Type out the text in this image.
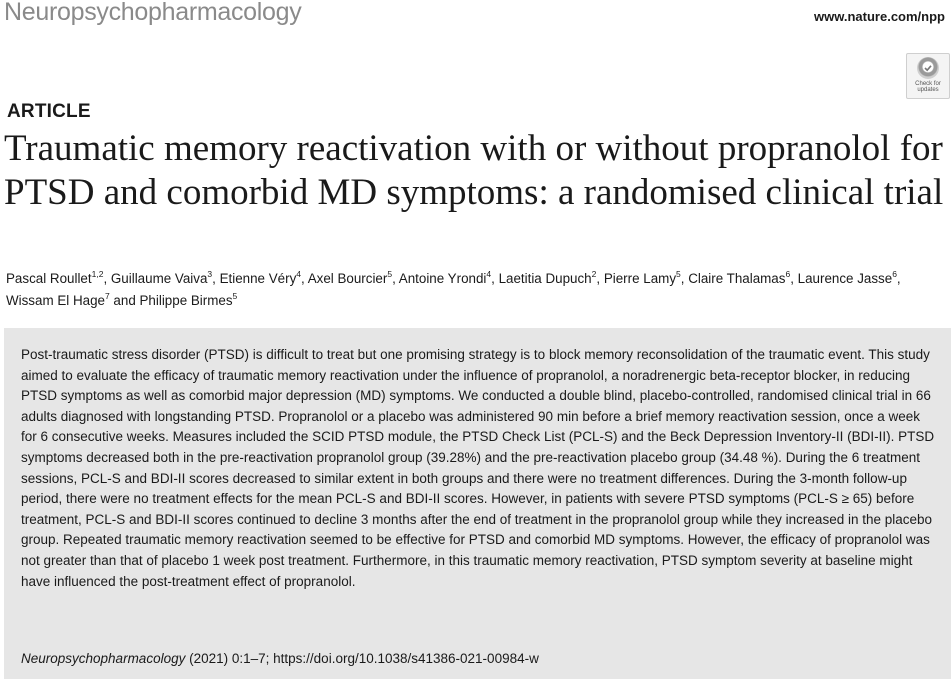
Neuropsychopharmacology	www.nature.com/npp
Check for updates
ARTICLE
Traumatic memory reactivation with or without propranolol for PTSD and comorbid MD symptoms: a randomised clinical trial
Pascal Roullet$^{1,2}$, Guillaume Vaiva$^3$, Etienne Véry$^4$, Axel Bourcier$^5$, Antoine Yrondi$^4$, Laetitia Dupuch$^2$, Pierre Lamy$^5$, Claire Thalamas$^6$, Laurence Jasse$^6$, Wissam El Hage$^7$ and Philippe Birmes$^5$

Post-traumatic stress disorder (PTSD) is difficult to treat but one promising strategy is to block memory reconsolidation of the traumatic event. This study aimed to evaluate the efficacy of traumatic memory reactivation under the influence of propranolol, a noradrenergic beta-receptor blocker, in reducing PTSD symptoms as well as comorbid major depression (MD) symptoms. We conducted a double blind, placebo-controlled, randomised clinical trial in 66 adults diagnosed with longstanding PTSD. Propranolol or a placebo was administered 90 min before a brief memory reactivation session, once a week for 6 consecutive weeks. Measures included the SCID PTSD module, the PTSD Check List (PCL-S) and the Beck Depression Inventory-II (BDI-II). PTSD symptoms decreased both in the pre-reactivation propranolol group (39.28%) and the pre-reactivation placebo group (34.48 %). During the 6 treatment sessions, PCL-S and BDI-II scores decreased to similar extent in both groups and there were no treatment differences. During the 3-month follow-up period, there were no treatment effects for the mean PCL-S and BDI-II scores. However, in patients with severe PTSD symptoms (PCL-S ≥ 65) before treatment, PCL-S and BDI-II scores continued to decline 3 months after the end of treatment in the propranolol group while they increased in the placebo group. Repeated traumatic memory reactivation seemed to be effective for PTSD and comorbid MD symptoms. However, the efficacy of propranolol was not greater than that of placebo 1 week post treatment. Furthermore, in this traumatic memory reactivation, PTSD symptom severity at baseline might have influenced the post-treatment effect of propranolol.

Neuropsychopharmacology (2021) 0:1–7; https://doi.org/10.1038/s41386-021-00984-w
